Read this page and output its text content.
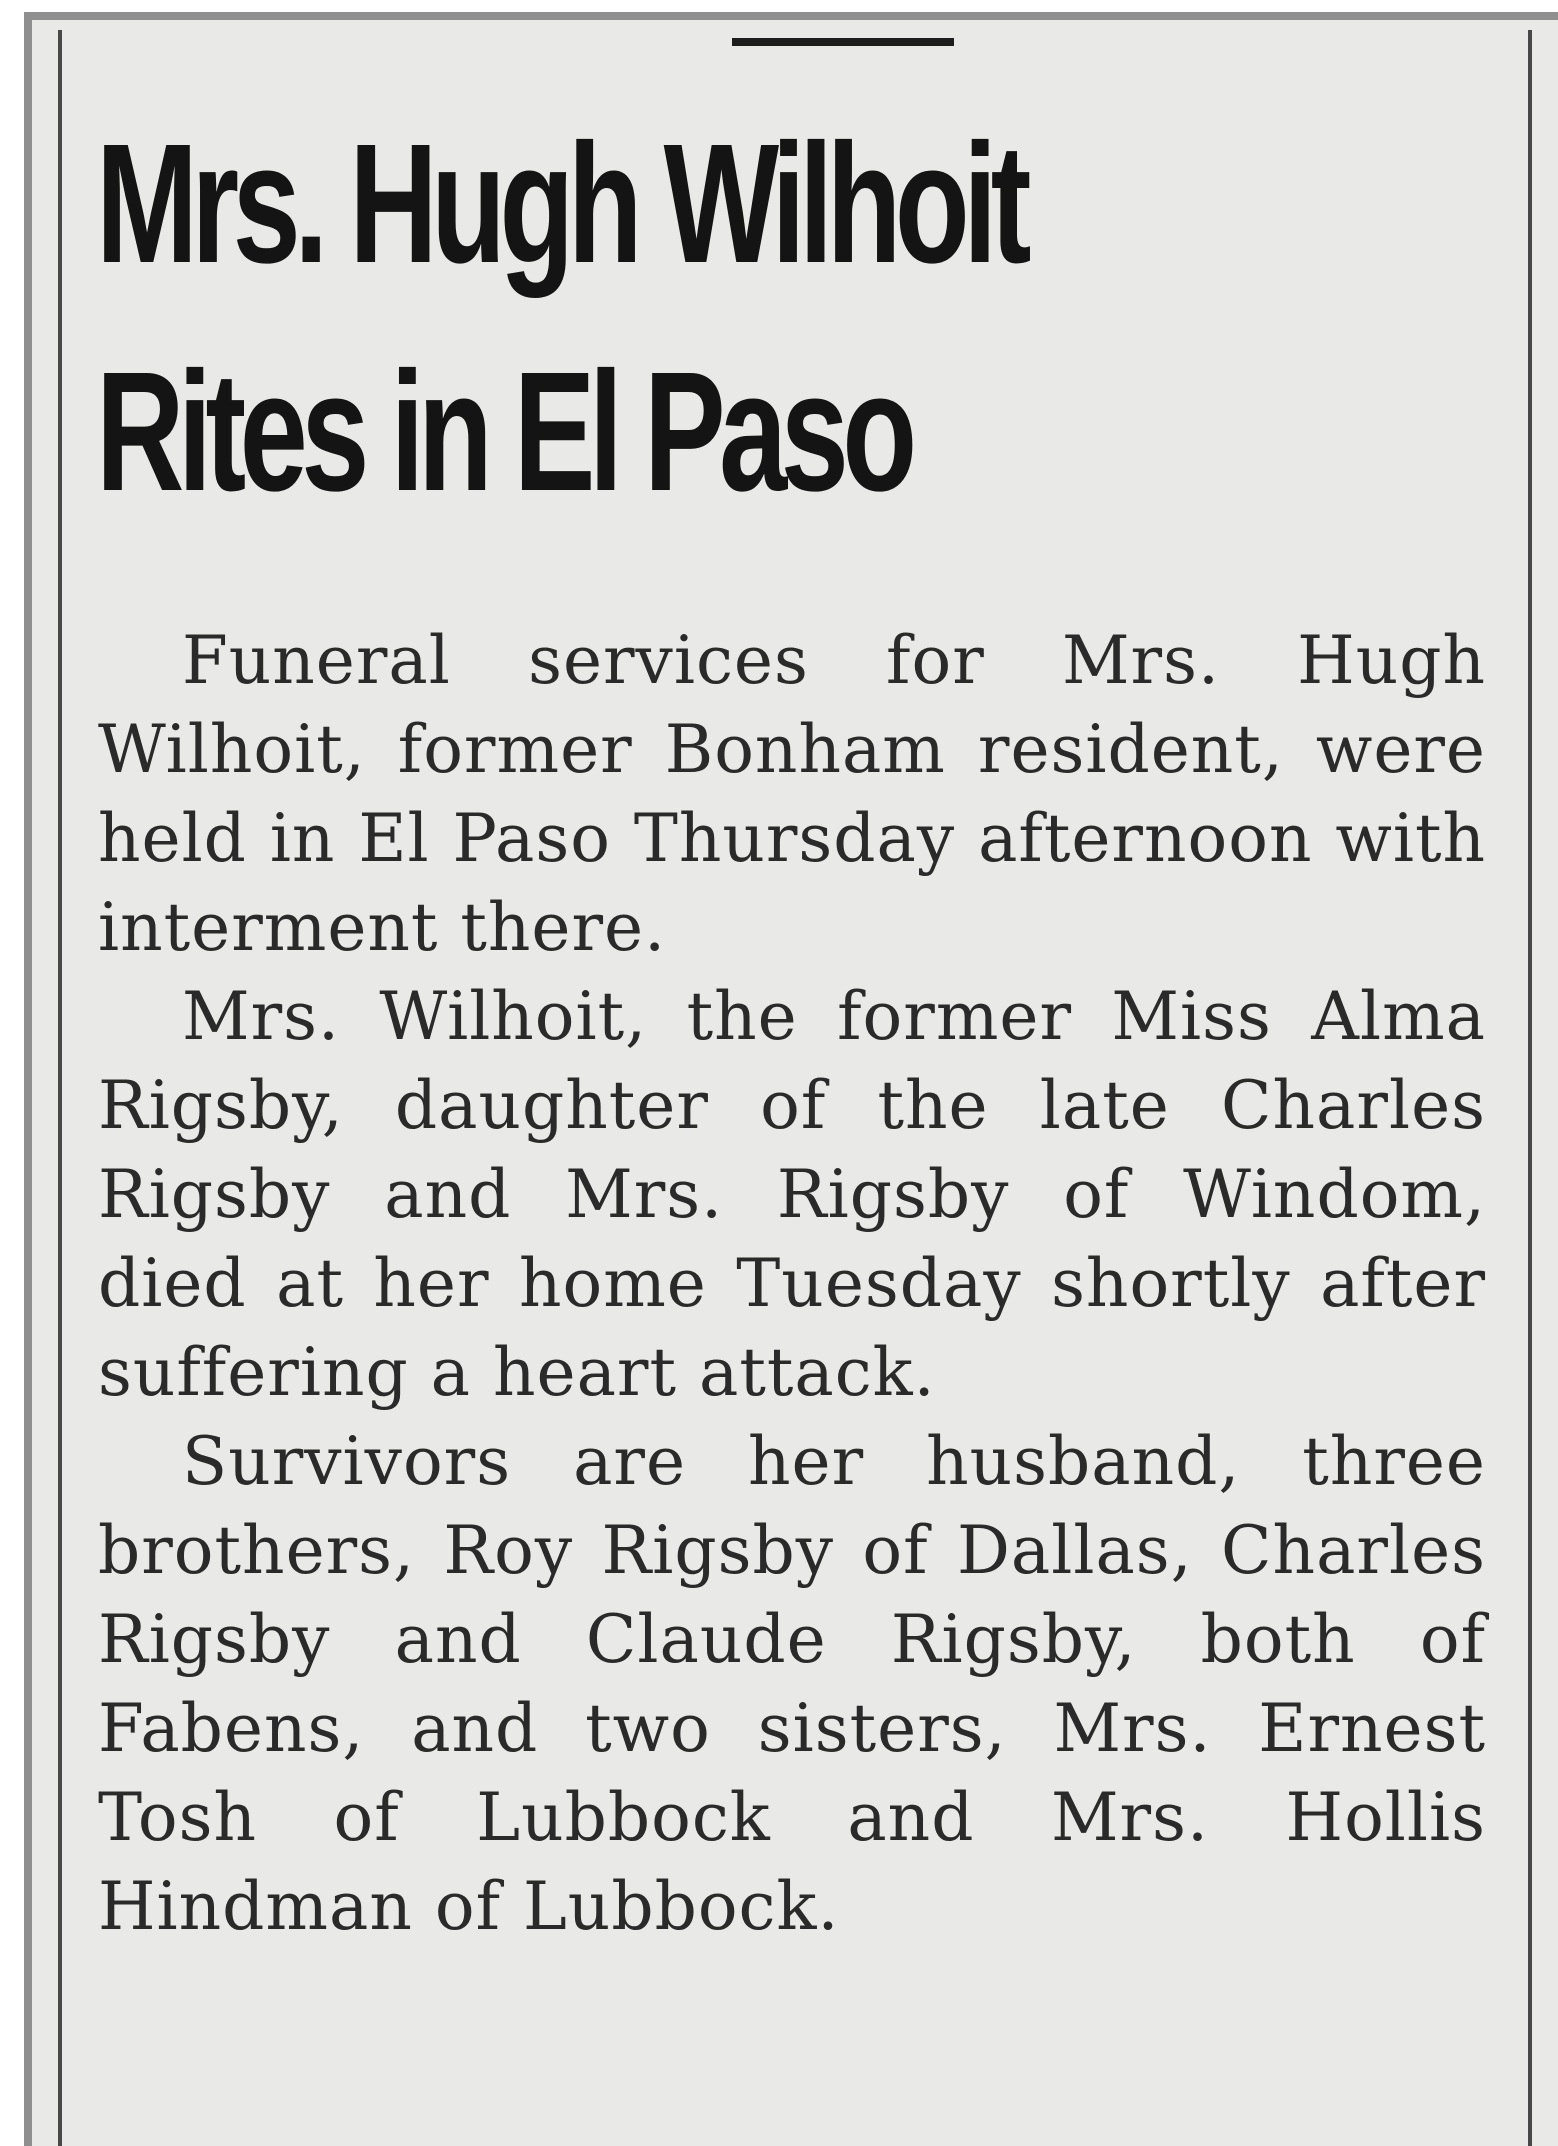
Mrs. Hugh Wilhoit
Rites in El Paso

Funeral services for Mrs. Hugh Wilhoit, former Bonham resident, were held in El Paso Thursday afternoon with interment there.

Mrs. Wilhoit, the former Miss Alma Rigsby, daughter of the late Charles Rigsby and Mrs. Rigsby of Windom, died at her home Tuesday shortly after suffering a heart attack.

Survivors are her husband, three brothers, Roy Rigsby of Dallas, Charles Rigsby and Claude Rigsby, both of Fabens, and two sisters, Mrs. Ernest Tosh of Lubbock and Mrs. Hollis Hindman of Lubbock.
